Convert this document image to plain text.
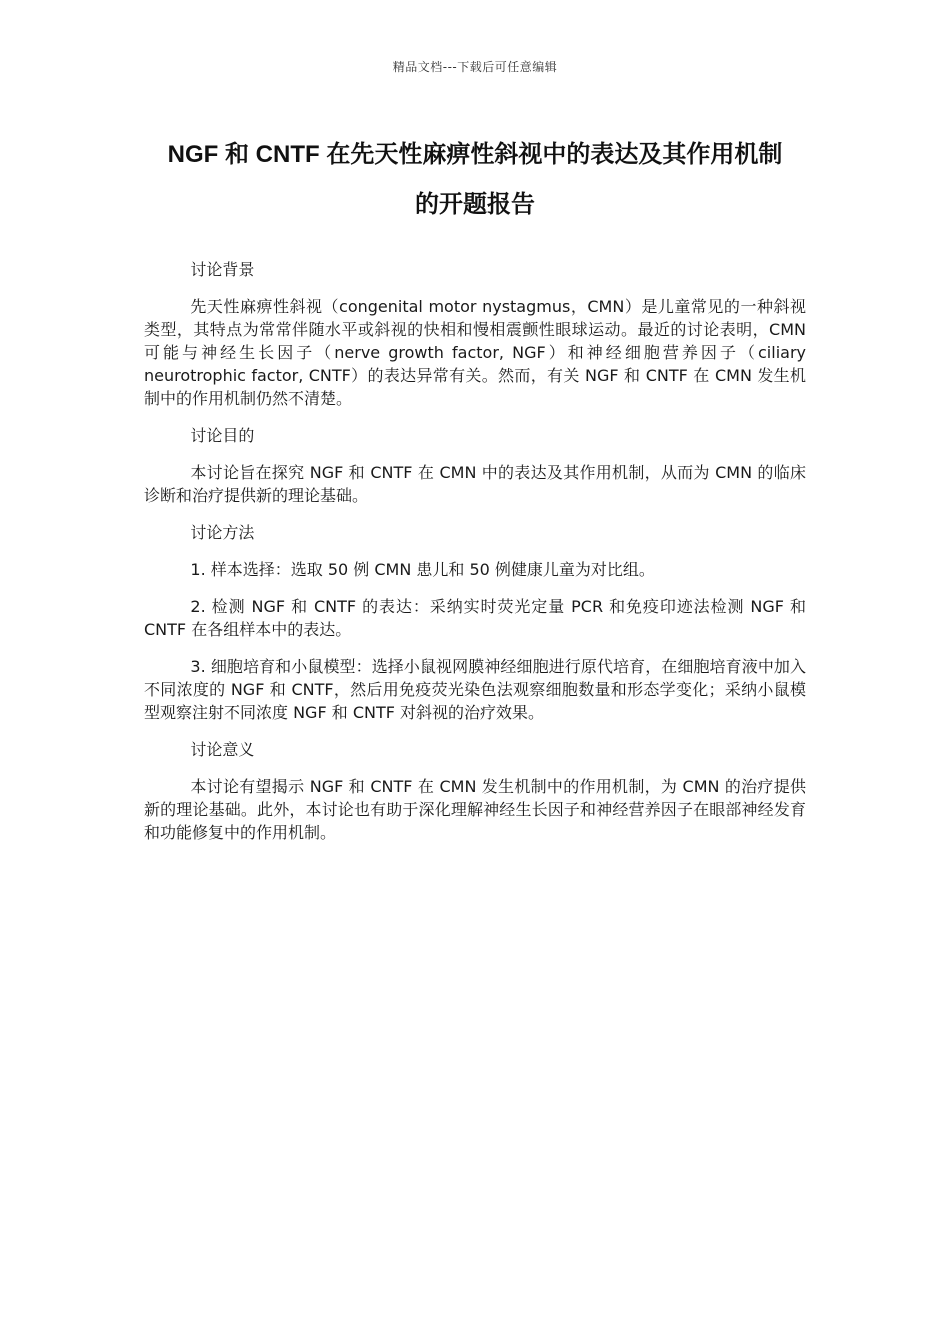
精品文档---下载后可任意编辑
NGF 和 CNTF 在先天性麻痹性斜视中的表达及其作用机制
的开题报告

讨论背景

先天性麻痹性斜视（congenital motor nystagmus，CMN）是儿童常见的一种斜视类型，其特点为常常伴随水平或斜视的快相和慢相震颤性眼球运动。最近的讨论表明，CMN 可能与神经生长因子（nerve growth factor, NGF）和神经细胞营养因子（ciliary neurotrophic factor, CNTF）的表达异常有关。然而，有关 NGF 和 CNTF 在 CMN 发生机制中的作用机制仍然不清楚。

讨论目的

本讨论旨在探究 NGF 和 CNTF 在 CMN 中的表达及其作用机制，从而为 CMN 的临床诊断和治疗提供新的理论基础。

讨论方法

1. 样本选择：选取 50 例 CMN 患儿和 50 例健康儿童为对比组。

2. 检测 NGF 和 CNTF 的表达：采纳实时荧光定量 PCR 和免疫印迹法检测 NGF 和 CNTF 在各组样本中的表达。

3. 细胞培育和小鼠模型：选择小鼠视网膜神经细胞进行原代培育，在细胞培育液中加入不同浓度的 NGF 和 CNTF，然后用免疫荧光染色法观察细胞数量和形态学变化；采纳小鼠模型观察注射不同浓度 NGF 和 CNTF 对斜视的治疗效果。

讨论意义

本讨论有望揭示 NGF 和 CNTF 在 CMN 发生机制中的作用机制，为 CMN 的治疗提供新的理论基础。此外，本讨论也有助于深化理解神经生长因子和神经营养因子在眼部神经发育和功能修复中的作用机制。
